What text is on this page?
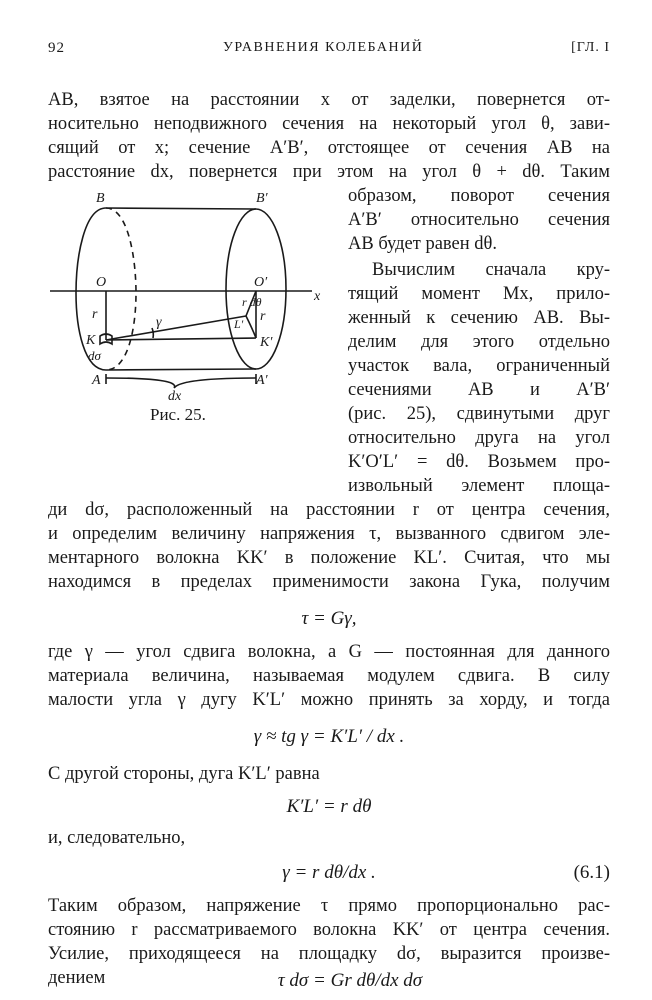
92	УРАВНЕНИЯ КОЛЕБАНИЙ	[ГЛ. I
AB, взятое на расстоянии x от заделки, повернется от-
носительно неподвижного сечения на некоторый угол θ, зави-
сящий от x; сечение A′B′, отстоящее от сечения AB на
расстояние dx, повернется при этом на угол θ + dθ. Таким
образом, поворот сечения
A′B′ относительно сечения
AB будет равен dθ.
Вычислим сначала кру-
тящий момент Mx, прило-
женный к сечению AB. Вы-
делим для этого отдельно
участок вала, ограниченный
сечениями AB и A′B′
(рис. 25), сдвинутыми друг
относительно друга на угол
K′O′L′ = dθ. Возьмем про-
извольный элемент площа-
B	B′
O	O′
x
r	r
r dθ
L′
K	K′
γ
dσ
A	A′
dx
Рис. 25.
ди dσ, расположенный на расстоянии r от центра сечения,
и определим величину напряжения τ, вызванного сдвигом эле-
ментарного волокна KK′ в положение KL′. Считая, что мы
находимся в пределах применимости закона Гука, получим
τ = Gγ,
где γ — угол сдвига волокна, а G — постоянная для данного
материала величина, называемая модулем сдвига. В силу
малости угла γ дугу K′L′ можно принять за хорду, и тогда
γ ≈ tg γ = K′L′ / dx .
С другой стороны, дуга K′L′ равна
K′L′ = r dθ
и, следовательно,
γ = r dθ/dx .	(6.1)
Таким образом, напряжение τ прямо пропорционально рас-
стоянию r рассматриваемого волокна KK′ от центра сечения.
Усилие, приходящееся на площадку dσ, выразится произве-
дением	τ dσ = Gr dθ/dx dσ
